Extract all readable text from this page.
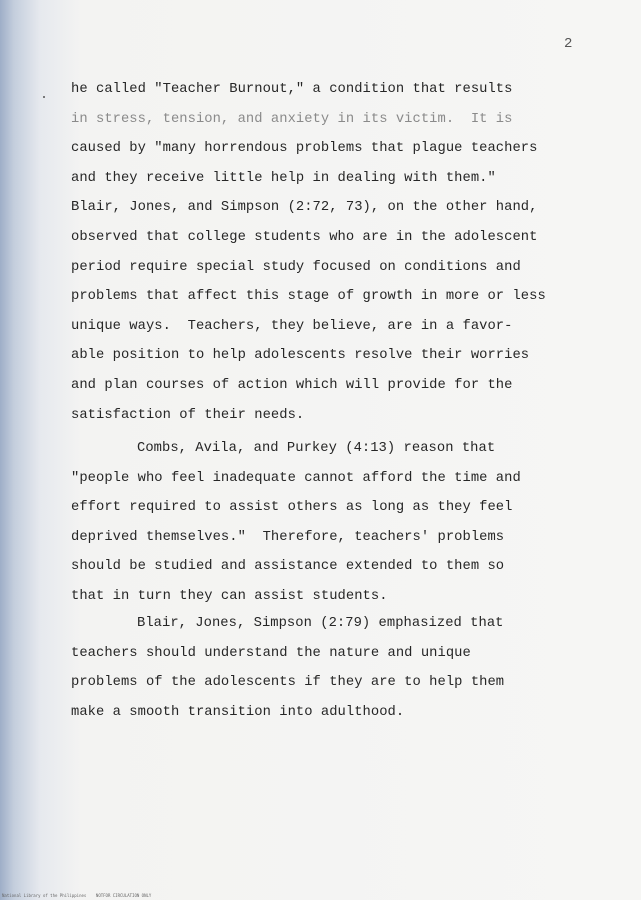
2
he called "Teacher Burnout," a condition that results
in stress, tension, and anxiety in its victim.  It is
caused by "many horrendous problems that plague teachers
and they receive little help in dealing with them."
Blair, Jones, and Simpson (2:72, 73), on the other hand,
observed that college students who are in the adolescent
period require special study focused on conditions and
problems that affect this stage of growth in more or less
unique ways.  Teachers, they believe, are in a favor-
able position to help adolescents resolve their worries
and plan courses of action which will provide for the
satisfaction of their needs.
Combs, Avila, and Purkey (4:13) reason that
"people who feel inadequate cannot afford the time and
effort required to assist others as long as they feel
deprived themselves."  Therefore, teachers' problems
should be studied and assistance extended to them so
that in turn they can assist students.
Blair, Jones, Simpson (2:79) emphasized that
teachers should understand the nature and unique
problems of the adolescents if they are to help them
make a smooth transition into adulthood.
National Library of the Philippines    NOTFOR CIRCULATION ONLY
